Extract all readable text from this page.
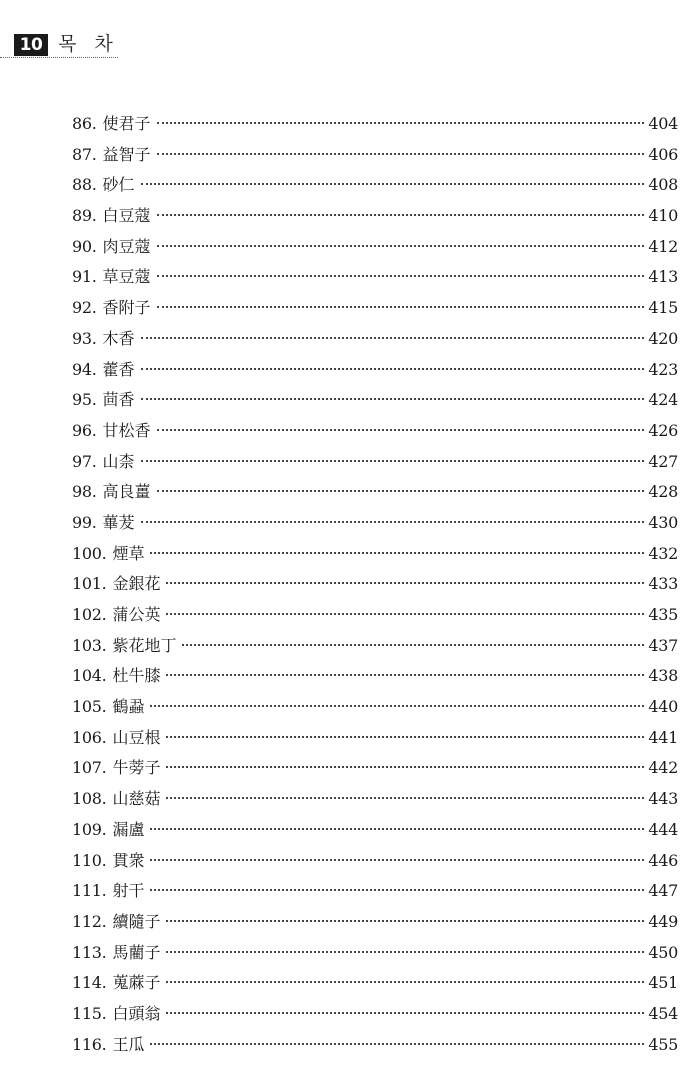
10 목 차
86. 使君子	404
87. 益智子	406
88. 砂仁	408
89. 白豆蔻	410
90. 肉豆蔻	412
91. 草豆蔻	413
92. 香附子	415
93. 木香	420
94. 藿香	423
95. 茴香	424
96. 甘松香	426
97. 山柰	427
98. 高良薑	428
99. 蓽茇	430
100. 煙草	432
101. 金銀花	433
102. 蒲公英	435
103. 紫花地丁	437
104. 杜牛膝	438
105. 鶴蝨	440
106. 山豆根	441
107. 牛蒡子	442
108. 山慈菇	443
109. 漏盧	444
110. 貫衆	446
111. 射干	447
112. 續隨子	449
113. 馬藺子	450
114. 蒐蔴子	451
115. 白頭翁	454
116. 王瓜	455
